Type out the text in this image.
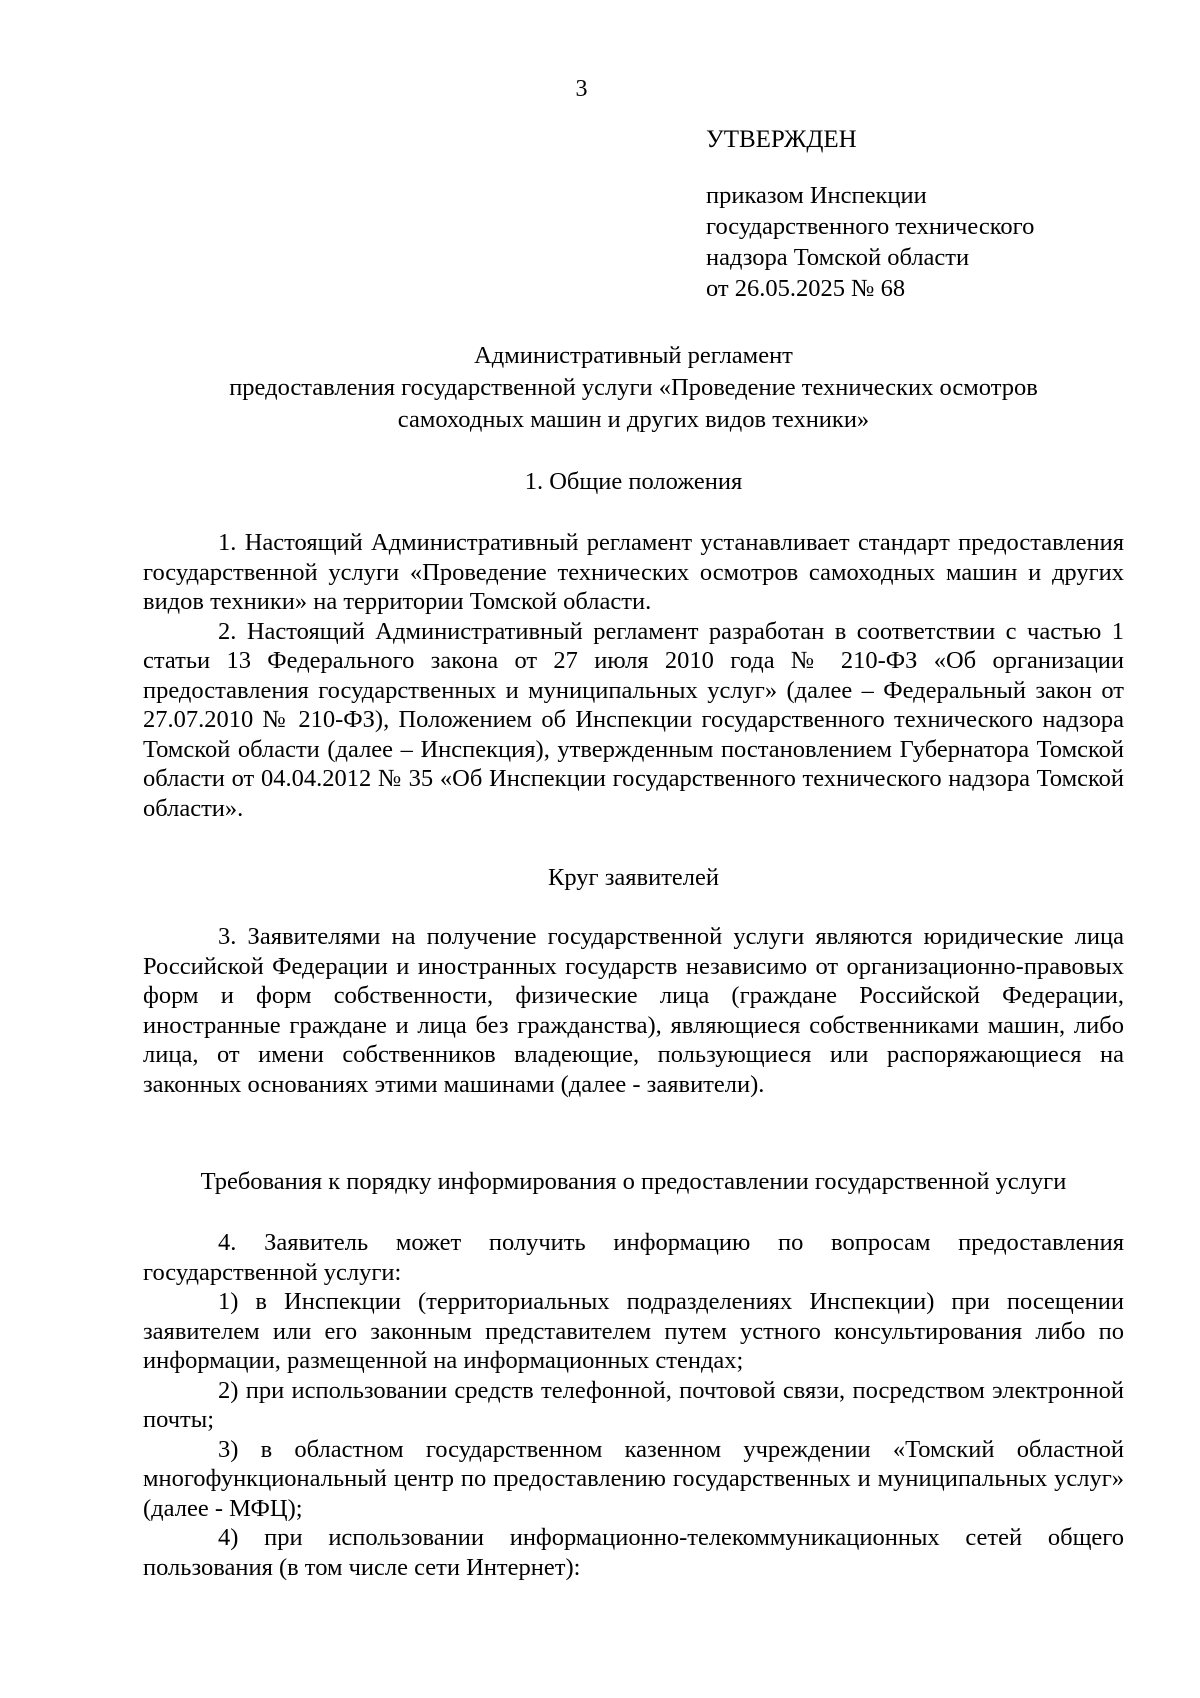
3
УТВЕРЖДЕН
приказом Инспекции
государственного технического
надзора Томской области
от 26.05.2025 № 68
Административный регламент
предоставления государственной услуги «Проведение технических осмотров
самоходных машин и других видов техники»
1. Общие положения

1. Настоящий Административный регламент устанавливает стандарт предоставления государственной услуги «Проведение технических осмотров самоходных машин и других видов техники» на территории Томской области.

2. Настоящий Административный регламент разработан в соответствии с частью 1 статьи 13 Федерального закона от 27 июля 2010 года № 210-ФЗ «Об организации предоставления государственных и муниципальных услуг» (далее – Федеральный закон от 27.07.2010 № 210-ФЗ), Положением об Инспекции государственного технического надзора Томской области (далее – Инспекция), утвержденным постановлением Губернатора Томской области от 04.04.2012 № 35 «Об Инспекции государственного технического надзора Томской области».

Круг заявителей

3. Заявителями на получение государственной услуги являются юридические лица Российской Федерации и иностранных государств независимо от организационно-правовых форм и форм собственности, физические лица (граждане Российской Федерации, иностранные граждане и лица без гражданства), являющиеся собственниками машин, либо лица, от имени собственников владеющие, пользующиеся или распоряжающиеся на законных основаниях этими машинами (далее - заявители).

Требования к порядку информирования о предоставлении государственной услуги

4. Заявитель может получить информацию по вопросам предоставления государственной услуги:

1) в Инспекции (территориальных подразделениях Инспекции) при посещении заявителем или его законным представителем путем устного консультирования либо по информации, размещенной на информационных стендах;

2) при использовании средств телефонной, почтовой связи, посредством электронной почты;

3) в областном государственном казенном учреждении «Томский областной многофункциональный центр по предоставлению государственных и муниципальных услуг» (далее - МФЦ);

4) при использовании информационно-телекоммуникационных сетей общего пользования (в том числе сети Интернет):
